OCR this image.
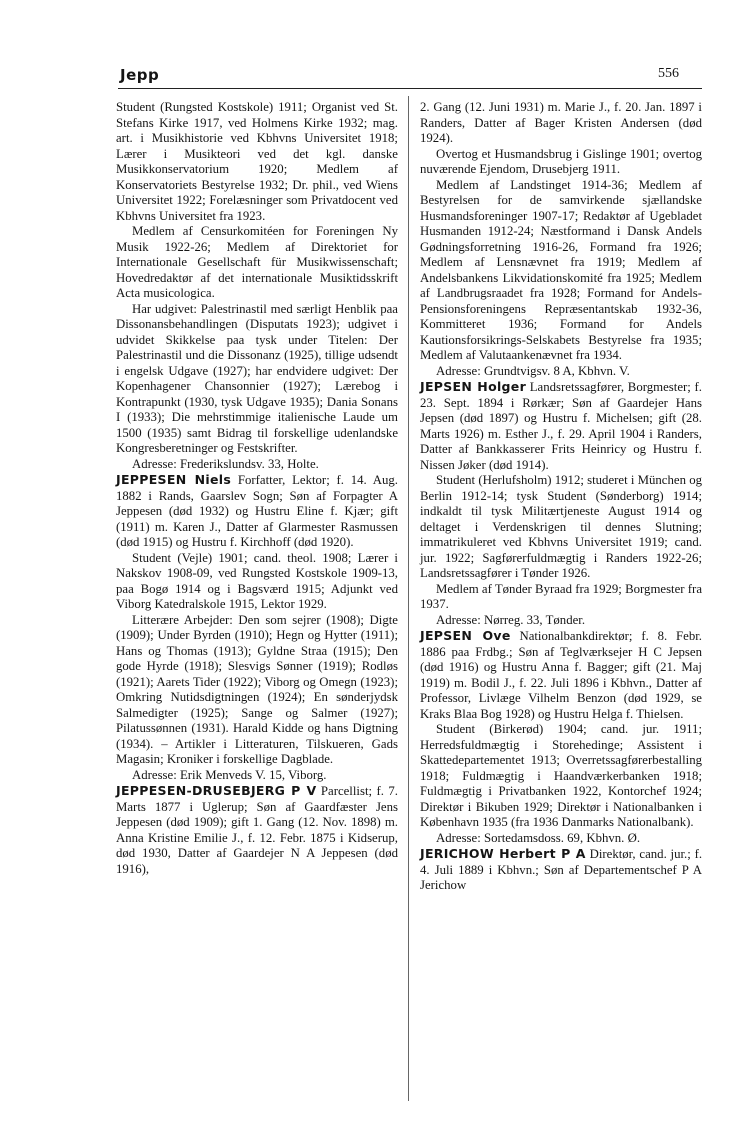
Jepp	556

Student (Rungsted Kostskole) 1911; Organist ved St. Stefans Kirke 1917, ved Holmens Kirke 1932; mag. art. i Musikhistorie ved Kbhvns Universitet 1918; Lærer i Musikteori ved det kgl. danske Musikkonservatorium 1920; Medlem af Konservatoriets Bestyrelse 1932; Dr. phil., ved Wiens Universitet 1922; Forelæsninger som Privatdocent ved Kbhvns Universitet fra 1923.

Medlem af Censurkomitéen for Foreningen Ny Musik 1922-26; Medlem af Direktoriet for Internationale Gesellschaft für Musikwissenschaft; Hovedredaktør af det internationale Musiktidsskrift Acta musicologica.

Har udgivet: Palestrinastil med særligt Henblik paa Dissonansbehandlingen (Disputats 1923); udgivet i udvidet Skikkelse paa tysk under Titelen: Der Palestrinastil und die Dissonanz (1925), tillige udsendt i engelsk Udgave (1927); har endvidere udgivet: Der Kopenhagener Chansonnier (1927); Lærebog i Kontrapunkt (1930, tysk Udgave 1935); Dania Sonans I (1933); Die mehrstimmige italienische Laude um 1500 (1935) samt Bidrag til forskellige udenlandske Kongresberetninger og Festskrifter.

Adresse: Frederikslundsv. 33, Holte.

JEPPESEN Niels Forfatter, Lektor; f. 14. Aug. 1882 i Rands, Gaarslev Sogn; Søn af Forpagter A Jeppesen (død 1932) og Hustru Eline f. Kjær; gift (1911) m. Karen J., Datter af Glarmester Rasmussen (død 1915) og Hustru f. Kirchhoff (død 1920).

Student (Vejle) 1901; cand. theol. 1908; Lærer i Nakskov 1908-09, ved Rungsted Kostskole 1909-13, paa Bogø 1914 og i Bagsværd 1915; Adjunkt ved Viborg Katedralskole 1915, Lektor 1929.

Litterære Arbejder: Den som sejrer (1908); Digte (1909); Under Byrden (1910); Hegn og Hytter (1911); Hans og Thomas (1913); Gyldne Straa (1915); Den gode Hyrde (1918); Slesvigs Sønner (1919); Rodløs (1921); Aarets Tider (1922); Viborg og Omegn (1923); Omkring Nutidsdigtningen (1924); En sønderjydsk Salmedigter (1925); Sange og Salmer (1927); Pilatussønnen (1931). Harald Kidde og hans Digtning (1934). – Artikler i Litteraturen, Tilskueren, Gads Magasin; Kroniker i forskellige Dagblade.

Adresse: Erik Menveds V. 15, Viborg.

JEPPESEN-DRUSEBJERG P V Parcellist; f. 7. Marts 1877 i Uglerup; Søn af Gaardfæster Jens Jeppesen (død 1909); gift 1. Gang (12. Nov. 1898) m. Anna Kristine Emilie J., f. 12. Febr. 1875 i Kidserup, død 1930, Datter af Gaardejer N A Jeppesen (død 1916),

2. Gang (12. Juni 1931) m. Marie J., f. 20. Jan. 1897 i Randers, Datter af Bager Kristen Andersen (død 1924).

Overtog et Husmandsbrug i Gislinge 1901; overtog nuværende Ejendom, Drusebjerg 1911.

Medlem af Landstinget 1914-36; Medlem af Bestyrelsen for de samvirkende sjællandske Husmandsforeninger 1907-17; Redaktør af Ugebladet Husmanden 1912-24; Næstformand i Dansk Andels Gødningsforretning 1916-26, Formand fra 1926; Medlem af Lensnævnet fra 1919; Medlem af Andelsbankens Likvidationskomité fra 1925; Medlem af Landbrugsraadet fra 1928; Formand for Andels-Pensionsforeningens Repræsentantskab 1932-36, Kommitteret 1936; Formand for Andels Kautionsforsikrings-Selskabets Bestyrelse fra 1935; Medlem af Valutaankenævnet fra 1934.

Adresse: Grundtvigsv. 8 A, Kbhvn. V.

JEPSEN Holger Landsretssagfører, Borgmester; f. 23. Sept. 1894 i Rørkær; Søn af Gaardejer Hans Jepsen (død 1897) og Hustru f. Michelsen; gift (28. Marts 1926) m. Esther J., f. 29. April 1904 i Randers, Datter af Bankkasserer Frits Heinricy og Hustru f. Nissen Jøker (død 1914).

Student (Herlufsholm) 1912; studeret i München og Berlin 1912-14; tysk Student (Sønderborg) 1914; indkaldt til tysk Militærtjeneste August 1914 og deltaget i Verdenskrigen til dennes Slutning; immatrikuleret ved Kbhvns Universitet 1919; cand. jur. 1922; Sagførerfuldmægtig i Randers 1922-26; Landsretssagfører i Tønder 1926.

Medlem af Tønder Byraad fra 1929; Borgmester fra 1937.

Adresse: Nørreg. 33, Tønder.

JEPSEN Ove Nationalbankdirektør; f. 8. Febr. 1886 paa Frdbg.; Søn af Teglværksejer H C Jepsen (død 1916) og Hustru Anna f. Bagger; gift (21. Maj 1919) m. Bodil J., f. 22. Juli 1896 i Kbhvn., Datter af Professor, Livlæge Vilhelm Benzon (død 1929, se Kraks Blaa Bog 1928) og Hustru Helga f. Thielsen.

Student (Birkerød) 1904; cand. jur. 1911; Herredsfuldmægtig i Storehedinge; Assistent i Skattedepartementet 1913; Overretssagførerbestalling 1918; Fuldmægtig i Haandværkerbanken 1918; Fuldmægtig i Privatbanken 1922, Kontorchef 1924; Direktør i Bikuben 1929; Direktør i Nationalbanken i København 1935 (fra 1936 Danmarks Nationalbank).

Adresse: Sortedamsdoss. 69, Kbhvn. Ø.

JERICHOW Herbert P A Direktør, cand. jur.; f. 4. Juli 1889 i Kbhvn.; Søn af Departementschef P A Jerichow
